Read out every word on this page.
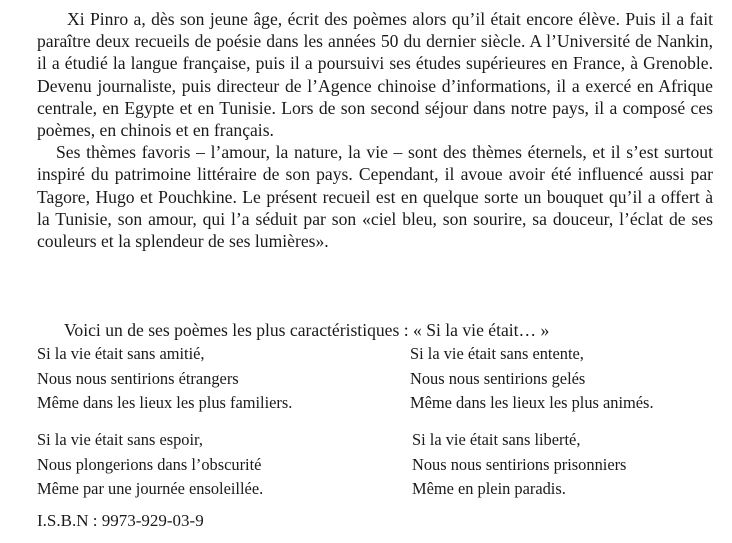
Xi Pinro a, dès son jeune âge, écrit des poèmes alors qu’il était encore élève. Puis il a fait paraître deux recueils de poésie dans les années 50 du dernier siècle. A l’Université de Nankin, il a étudié la langue française, puis il a poursuivi ses études supérieures en France, à Grenoble. Devenu journaliste, puis directeur de l’Agence chinoise d’informations, il a exercé en Afrique centrale, en Egypte et en Tunisie. Lors de son second séjour dans notre pays, il a composé ces poèmes, en chinois et en français.

Ses thèmes favoris – l’amour, la nature, la vie – sont des thèmes éternels, et il s’est surtout inspiré du patrimoine littéraire de son pays. Cependant, il avoue avoir été influencé aussi par Tagore, Hugo et Pouchkine. Le présent recueil est en quelque sorte un bouquet qu’il a offert à la Tunisie, son amour, qui l’a séduit par son «ciel bleu, son sourire, sa douceur, l’éclat de ses couleurs et la splendeur de ses lumières».

Voici un de ses poèmes les plus caractéristiques : « Si la vie était… »
Si la vie était sans amitié,
Nous nous sentirions étrangers
Même dans les lieux les plus familiers.
Si la vie était sans entente,
Nous nous sentirions gelés
Même dans les lieux les plus animés.
Si la vie était sans espoir,
Nous plongerions dans l’obscurité
Même par une journée ensoleillée.
Si la vie était sans liberté,
Nous nous sentirions prisonniers
Même en plein paradis.
I.S.B.N : 9973-929-03-9
